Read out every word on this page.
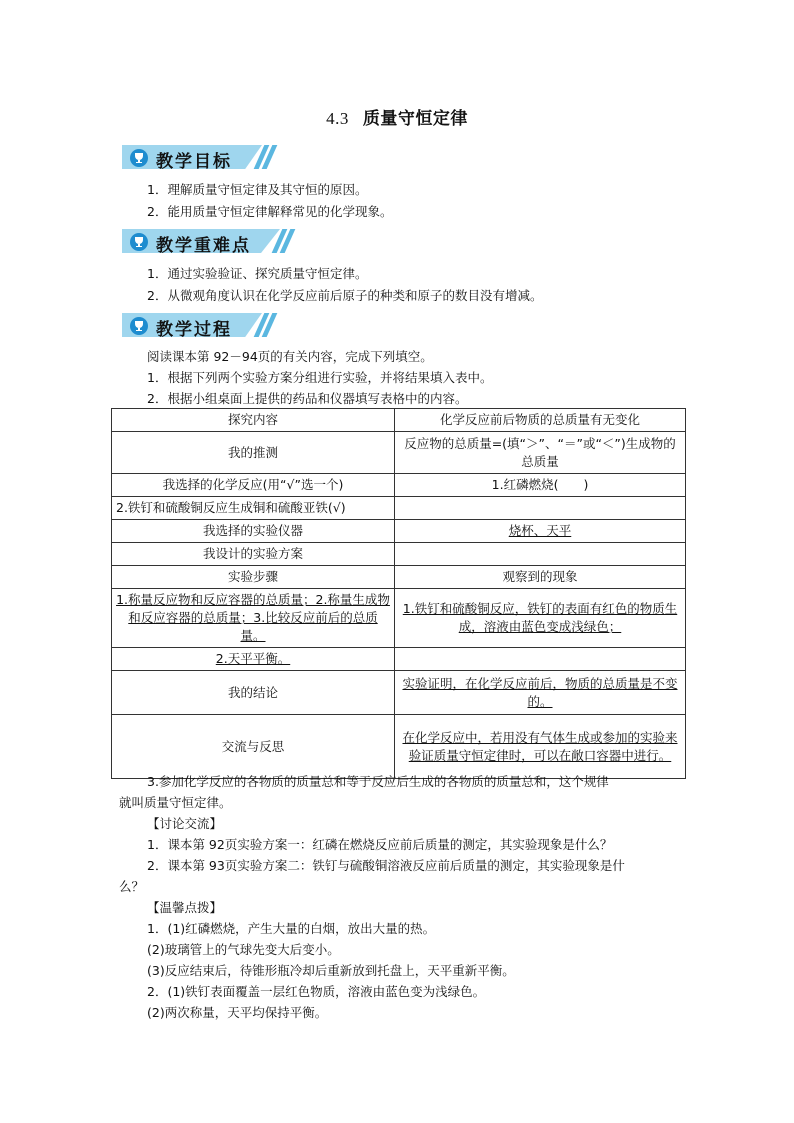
4.3 质量守恒定律
教学目标
1．理解质量守恒定律及其守恒的原因。
2．能用质量守恒定律解释常见的化学现象。
教学重难点
1．通过实验验证、探究质量守恒定律。
2．从微观角度认识在化学反应前后原子的种类和原子的数目没有增减。
教学过程
阅读课本第 92－94页的有关内容，完成下列填空。
1．根据下列两个实验方案分组进行实验，并将结果填入表中。
2．根据小组桌面上提供的药品和仪器填写表格中的内容。
探究内容	化学反应前后物质的总质量有无变化
我的推测	反应物的总质量=(填“＞”、“＝”或“＜”)生成物的总质量
我选择的化学反应(用“√”选一个)	1.红磷燃烧(　　)
2.铁钉和硫酸铜反应生成铜和硫酸亚铁(√)	
我选择的实验仪器	烧杯、天平
我设计的实验方案	
实验步骤	观察到的现象
1.称量反应物和反应容器的总质量；2.称量生成物和反应容器的总质量；3.比较反应前后的总质量。	1.铁钉和硫酸铜反应，铁钉的表面有红色的物质生成，溶液由蓝色变成浅绿色；
2.天平平衡。	
我的结论	实验证明，在化学反应前后，物质的总质量是不变的。
交流与反思	在化学反应中，若用没有气体生成或参加的实验来验证质量守恒定律时，可以在敞口容器中进行。
3.参加化学反应的各物质的质量总和等于反应后生成的各物质的质量总和，这个规律
就叫质量守恒定律。
【讨论交流】
1．课本第 92页实验方案一：红磷在燃烧反应前后质量的测定，其实验现象是什么？
2．课本第 93页实验方案二：铁钉与硫酸铜溶液反应前后质量的测定，其实验现象是什
么？
【温馨点拨】
1．(1)红磷燃烧，产生大量的白烟，放出大量的热。
(2)玻璃管上的气球先变大后变小。
(3)反应结束后，待锥形瓶冷却后重新放到托盘上，天平重新平衡。
2．(1)铁钉表面覆盖一层红色物质，溶液由蓝色变为浅绿色。
(2)两次称量，天平均保持平衡。
